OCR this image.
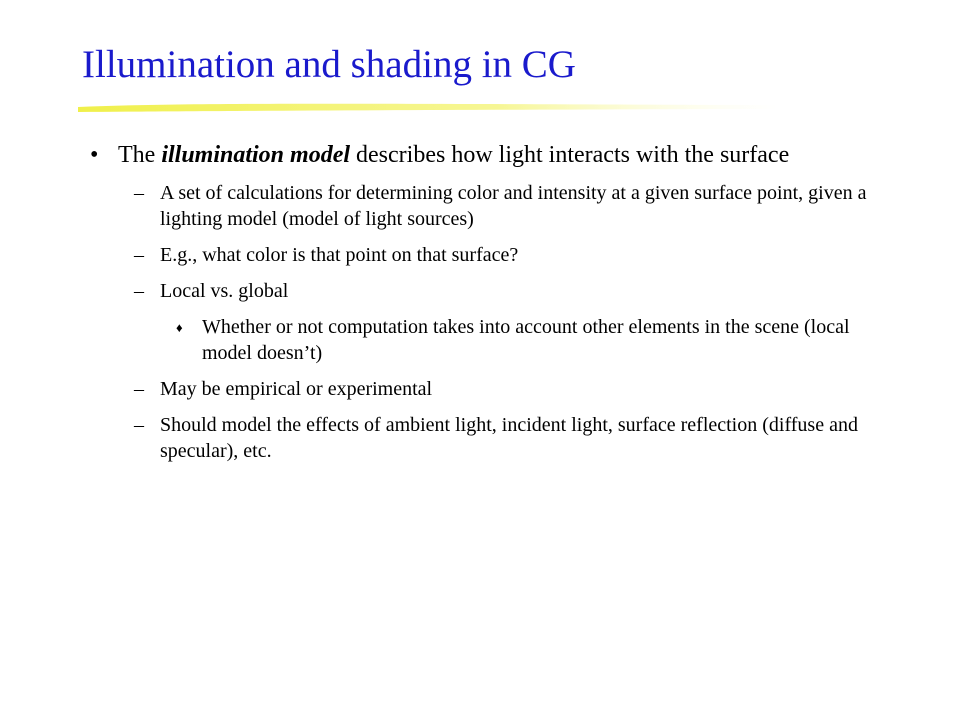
Illumination and shading in CG
• The illumination model describes how light interacts with the surface
– A set of calculations for determining color and intensity at a given surface point, given a lighting model (model of light sources)
– E.g., what color is that point on that surface?
– Local vs. global
♦ Whether or not computation takes into account other elements in the scene (local model doesn’t)
– May be empirical or experimental
– Should model the effects of ambient light, incident light, surface reflection (diffuse and specular), etc.
